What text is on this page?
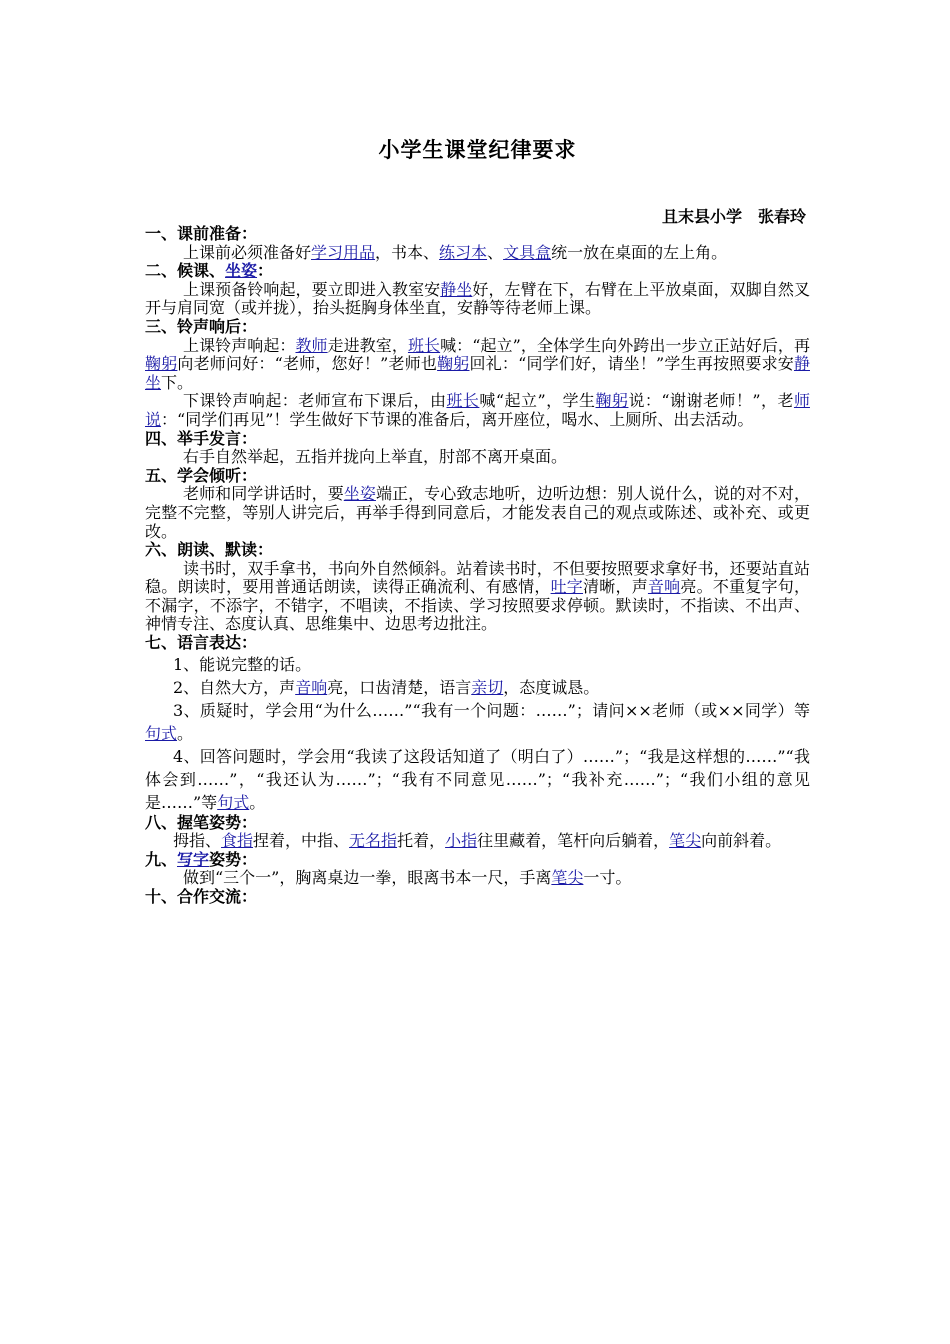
小学生课堂纪律要求
且末县小学　张春玲
一、课前准备：
上课前必须准备好学习用品，书本、练习本、文具盒统一放在桌面的左上角。
二、候课、坐姿：
上课预备铃响起，要立即进入教室安静坐好，左臂在下，右臂在上平放桌面，双脚自然叉开与肩同宽（或并拢），抬头挺胸身体坐直，安静等待老师上课。
三、铃声响后：
上课铃声响起：教师走进教室，班长喊：“起立”，全体学生向外跨出一步立正站好后，再鞠躬向老师问好：“老师，您好！”老师也鞠躬回礼：“同学们好，请坐！”学生再按照要求安静坐下。
下课铃声响起：老师宣布下课后，由班长喊“起立”，学生鞠躬说：“谢谢老师！”，老师说：“同学们再见”！学生做好下节课的准备后，离开座位，喝水、上厕所、出去活动。
四、举手发言：
右手自然举起，五指并拢向上举直，肘部不离开桌面。
五、学会倾听：
老师和同学讲话时，要坐姿端正，专心致志地听，边听边想：别人说什么，说的对不对，完整不完整，等别人讲完后，再举手得到同意后，才能发表自己的观点或陈述、或补充、或更改。
六、朗读、默读：
读书时，双手拿书，书向外自然倾斜。站着读书时，不但要按照要求拿好书，还要站直站稳。朗读时，要用普通话朗读，读得正确流利、有感情，吐字清晰，声音响亮。不重复字句，不漏字，不添字，不错字，不唱读，不指读、学习按照要求停顿。默读时，不指读、不出声、神情专注、态度认真、思维集中、边思考边批注。
七、语言表达：
1、能说完整的话。
2、自然大方，声音响亮，口齿清楚，语言亲切，态度诚恳。
3、质疑时，学会用“为什么……”“我有一个问题：……”；请问××老师（或××同学）等句式。
4、回答问题时，学会用“我读了这段话知道了（明白了）……”；“我是这样想的……”“我体会到……”，“我还认为……”；“我有不同意见……”；“我补充……”；“我们小组的意见是……”等句式。
八、握笔姿势：
拇指、食指捏着，中指、无名指托着，小指往里藏着，笔杆向后躺着，笔尖向前斜着。
九、写字姿势：
做到“三个一”，胸离桌边一拳，眼离书本一尺，手离笔尖一寸。
十、合作交流：
